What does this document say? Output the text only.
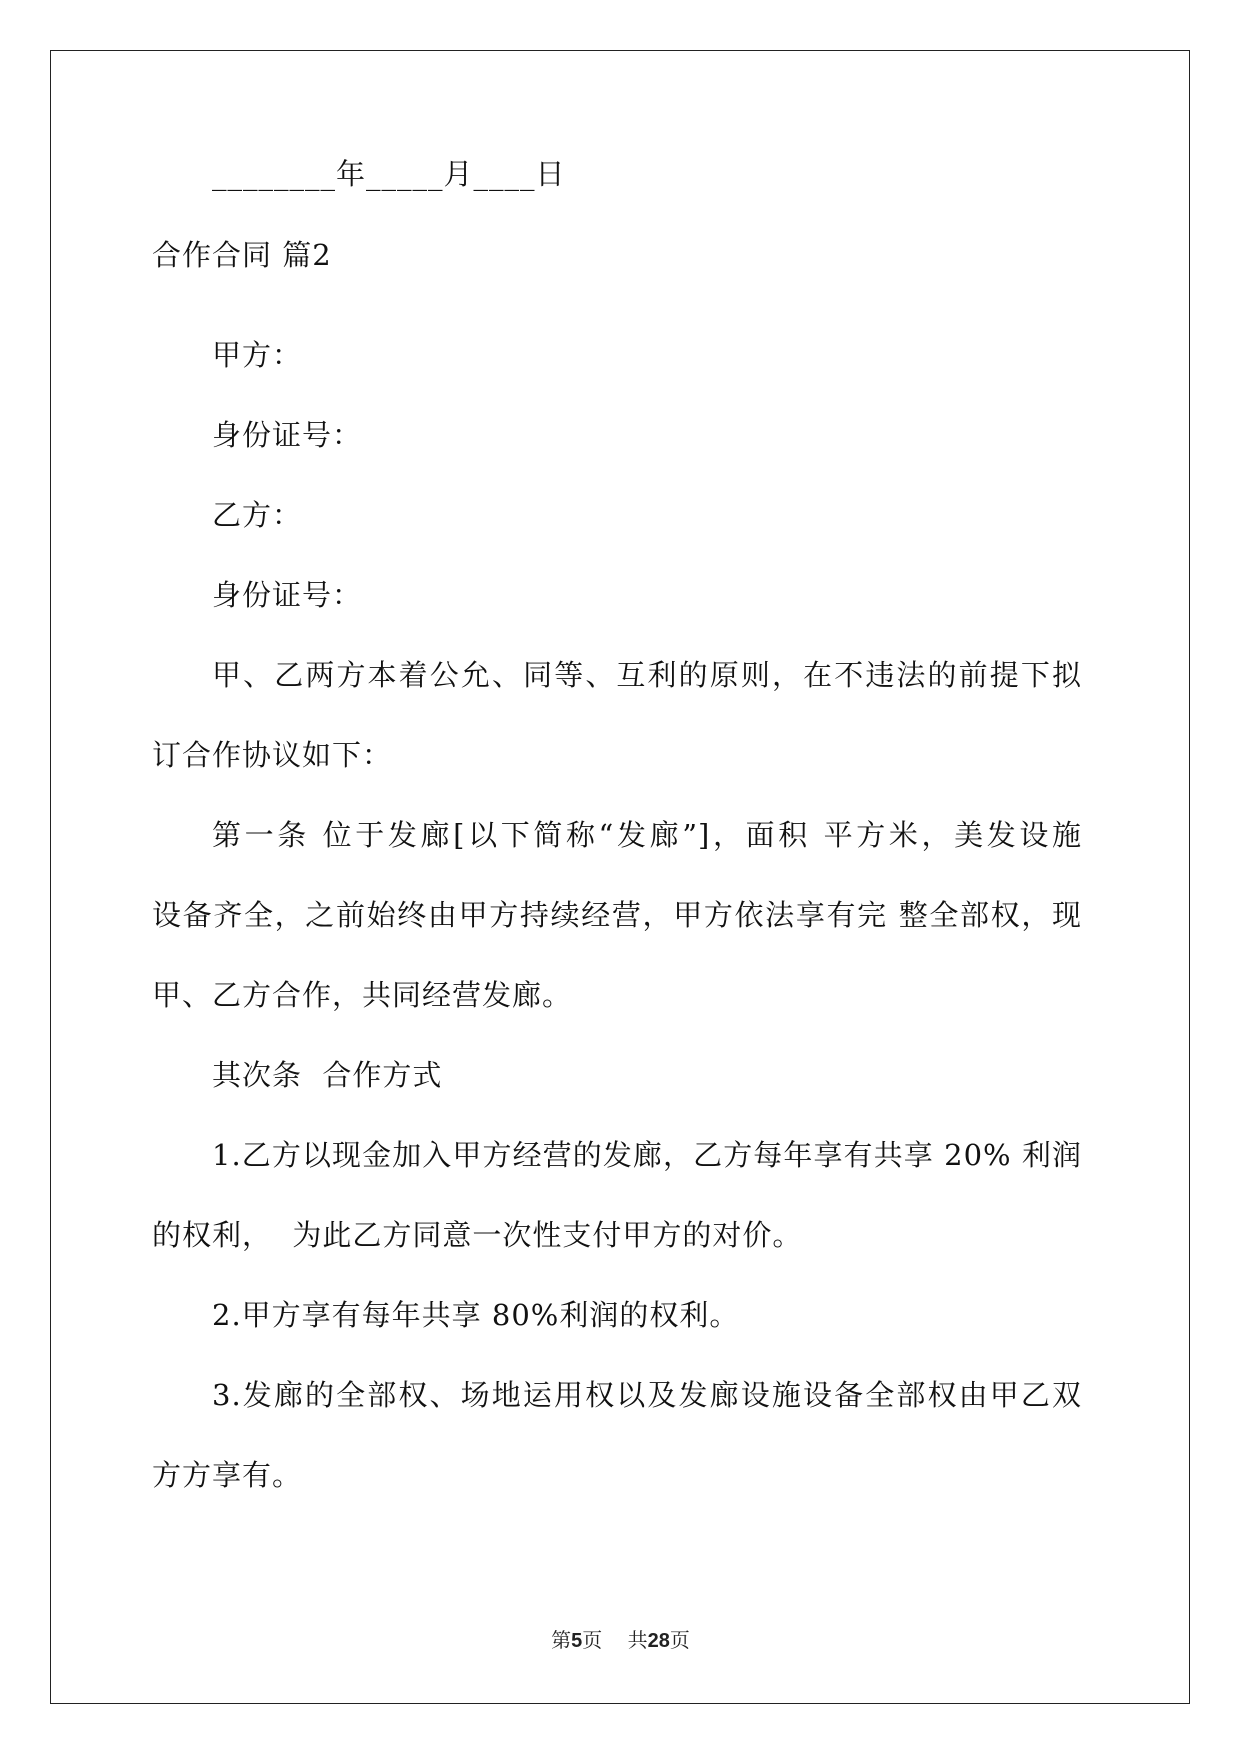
________年_____月____日
合作合同 篇2
甲方：
身份证号：
乙方：
身份证号：
甲、乙两方本着公允、同等、互利的原则，在不违法的前提下拟
订合作协议如下：
第一条 位于发廊[以下简称“发廊”]，面积 平方米，美发设施
设备齐全，之前始终由甲方持续经营，甲方依法享有完 整全部权，现
甲、乙方合作，共同经营发廊。
其次条  合作方式
1.乙方以现金加入甲方经营的发廊，乙方每年享有共享 20% 利润
的权利，  为此乙方同意一次性支付甲方的对价。
2.甲方享有每年共享 80%利润的权利。
3.发廊的全部权、场地运用权以及发廊设施设备全部权由甲乙双
方方享有。
第5页 共28页
